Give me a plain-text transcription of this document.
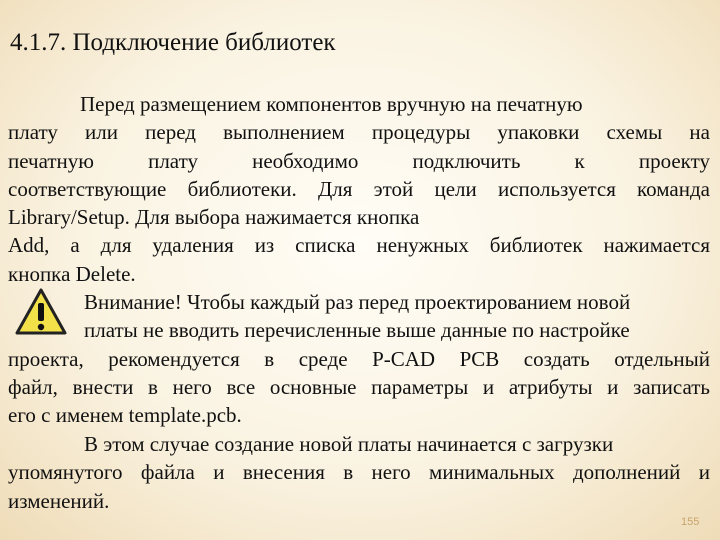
4.1.7. Подключение библиотек
Перед размещением компонентов вручную на печатную
плату или перед выполнением процедуры упаковки схемы на
печатную плату необходимо подключить к проекту
соответствующие библиотеки. Для этой цели используется команда
Library/Setup. Для выбора нажимается кнопка
Add, а для удаления из списка ненужных библиотек нажимается
кнопка Delete.
Внимание! Чтобы каждый раз перед проектированием новой
платы не вводить перечисленные выше данные по настройке
проекта, рекомендуется в среде P-CAD PCB создать отдельный
файл, внести в него все основные параметры и атрибуты и записать
его с именем template.pcb.
В этом случае создание новой платы начинается с загрузки
упомянутого файла и внесения в него минимальных дополнений и
изменений.
155
